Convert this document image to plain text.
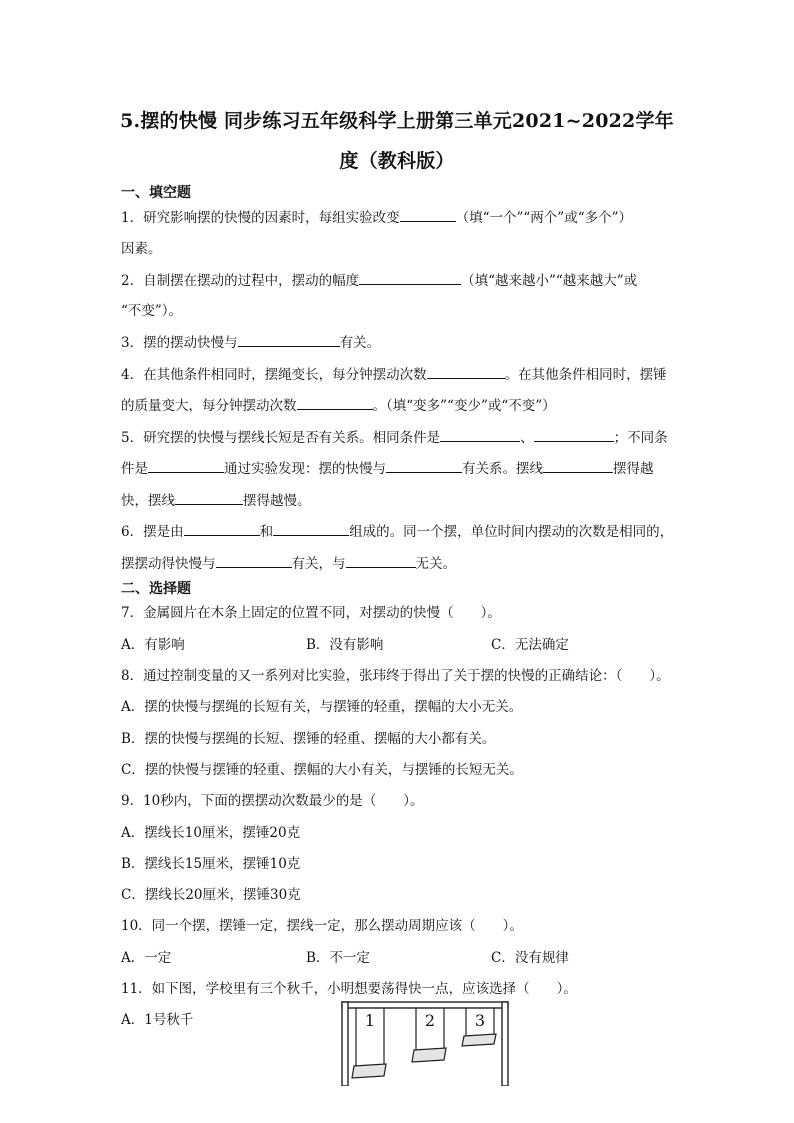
5.摆的快慢 同步练习五年级科学上册第三单元2021~2022学年
度（教科版）
一、填空题
1．研究影响摆的快慢的因素时，每组实验改变	（填“一个”“两个”或“多个”）
因素。
2．自制摆在摆动的过程中，摆动的幅度	（填“越来越小”“越来越大”或
“不变”）。
3．摆的摆动快慢与	有关。
4．在其他条件相同时，摆绳变长，每分钟摆动次数	。在其他条件相同时，摆锤
的质量变大，每分钟摆动次数	。（填“变多”“变少”或“不变”）
5．研究摆的快慢与摆线长短是否有关系。相同条件是	、	；不同条
件是	通过实验发现：摆的快慢与	有关系。摆线	摆得越
快，摆线	摆得越慢。
6．摆是由	和	组成的。同一个摆，单位时间内摆动的次数是相同的，
摆摆动得快慢与	有关，与	无关。
二、选择题
7．金属圆片在木条上固定的位置不同，对摆动的快慢（　　）。
A．有影响	B．没有影响	C．无法确定
8．通过控制变量的又一系列对比实验，张玮终于得出了关于摆的快慢的正确结论：（　　）。
A．摆的快慢与摆绳的长短有关，与摆锤的轻重，摆幅的大小无关。
B．摆的快慢与摆绳的长短、摆锤的轻重、摆幅的大小都有关。
C．摆的快慢与摆锤的轻重、摆幅的大小有关，与摆锤的长短无关。
9．10秒内，下面的摆摆动次数最少的是（　　）。
A．摆线长10厘米，摆锤20克
B．摆线长15厘米，摆锤10克
C．摆线长20厘米，摆锤30克
10．同一个摆，摆锤一定，摆线一定，那么摆动周期应该（　　）。
A．一定	B．不一定	C．没有规律
11．如下图，学校里有三个秋千，小明想要荡得快一点，应该选择（　　）。
A．1号秋千	1	2 3
